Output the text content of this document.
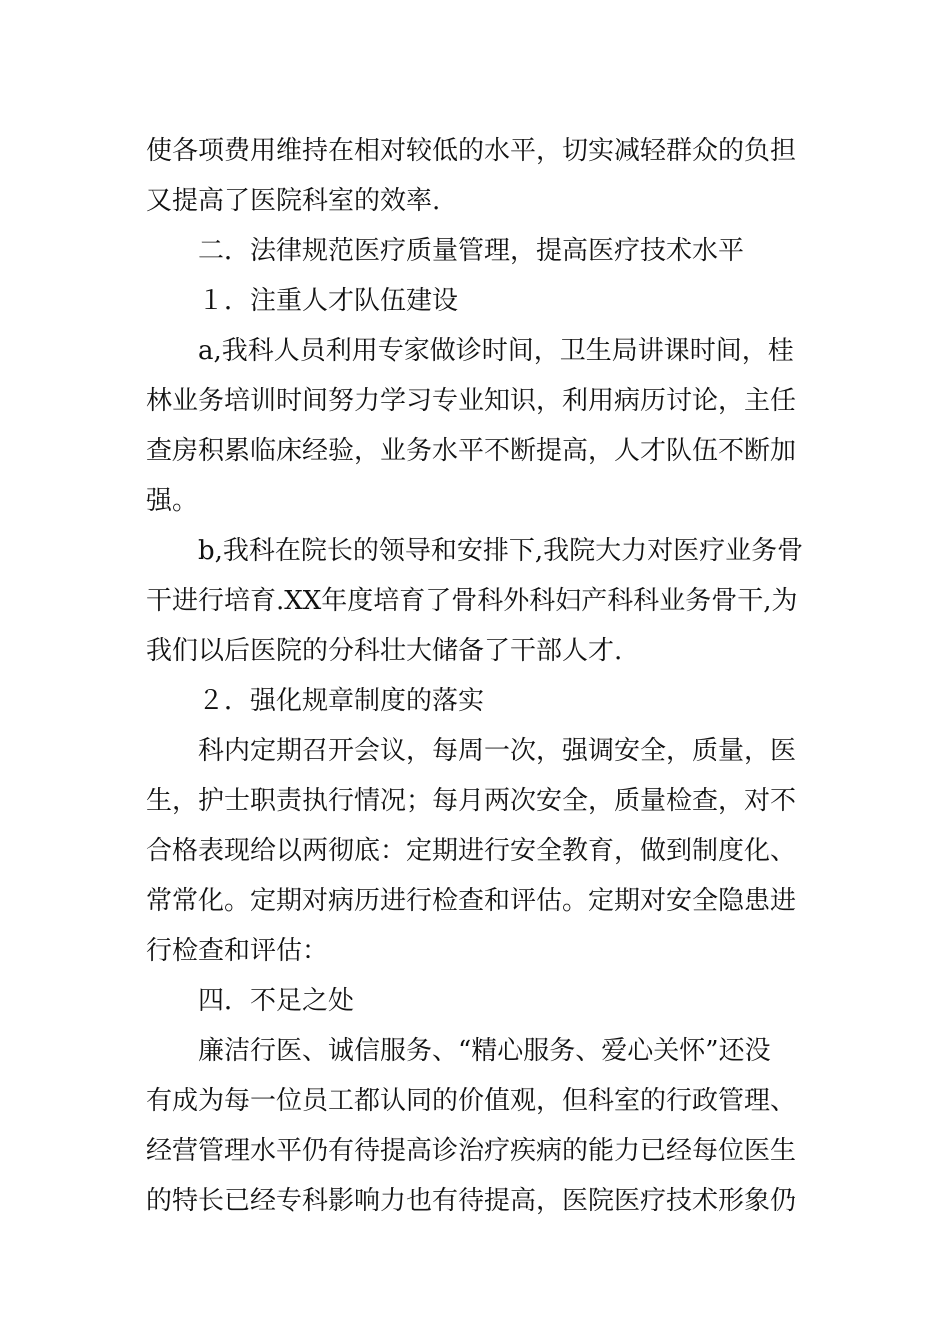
使各项费用维持在相对较低的水平，切实减轻群众的负担
又提高了医院科室的效率.
二．法律规范医疗质量管理，提高医疗技术水平
１．注重人才队伍建设
a,我科人员利用专家做诊时间，卫生局讲课时间，桂
林业务培训时间努力学习专业知识，利用病历讨论，主任
查房积累临床经验，业务水平不断提高，人才队伍不断加
强。
b,我科在院长的领导和安排下,我院大力对医疗业务骨
干进行培育.XX年度培育了骨科外科妇产科科业务骨干,为
我们以后医院的分科壮大储备了干部人才.
２．强化规章制度的落实
科内定期召开会议，每周一次，强调安全，质量，医
生，护士职责执行情况；每月两次安全，质量检查，对不
合格表现给以两彻底：定期进行安全教育，做到制度化、
常常化。定期对病历进行检查和评估。定期对安全隐患进
行检查和评估：
四．不足之处
廉洁行医、诚信服务、“精心服务、爱心关怀”还没
有成为每一位员工都认同的价值观，但科室的行政管理、
经营管理水平仍有待提高诊治疗疾病的能力已经每位医生
的特长已经专科影响力也有待提高，医院医疗技术形象仍
